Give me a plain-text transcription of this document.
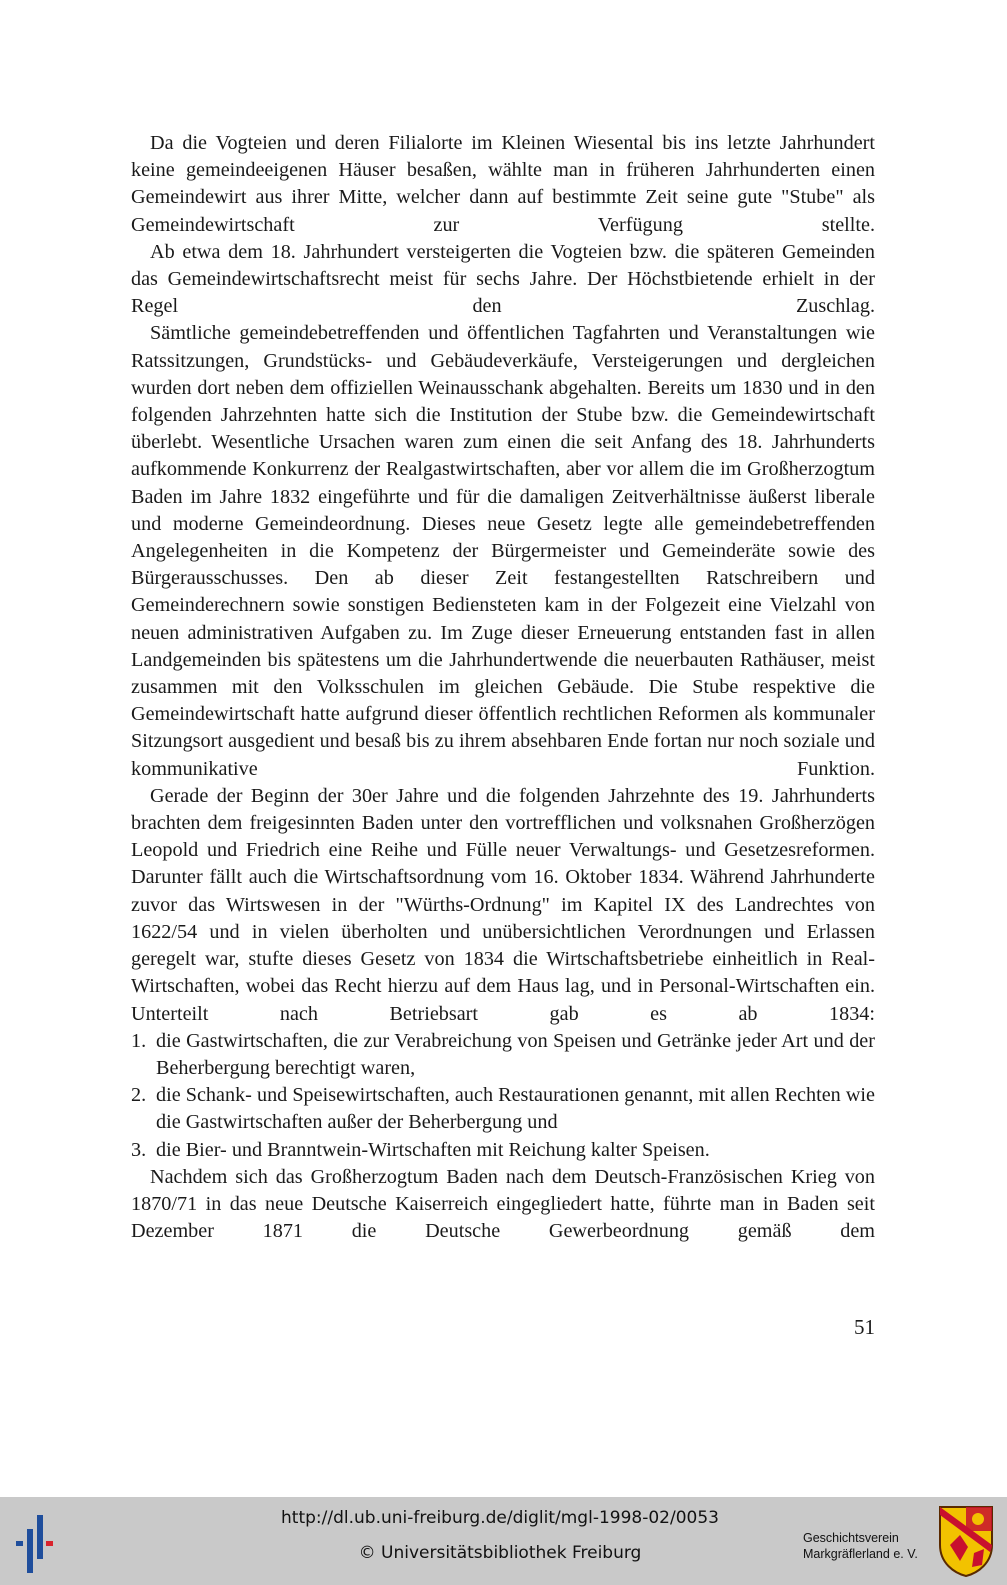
Da die Vogteien und deren Filialorte im Kleinen Wiesental bis ins letzte Jahrhundert keine gemeindeeigenen Häuser besaßen, wählte man in früheren Jahrhunderten einen Gemeindewirt aus ihrer Mitte, welcher dann auf bestimmte Zeit seine gute "Stube" als Gemeindewirtschaft zur Verfügung stellte.

Ab etwa dem 18. Jahrhundert versteigerten die Vogteien bzw. die späteren Gemeinden das Gemeindewirtschaftsrecht meist für sechs Jahre. Der Höchstbietende erhielt in der Regel den Zuschlag.

Sämtliche gemeindebetreffenden und öffentlichen Tagfahrten und Veranstaltungen wie Ratssitzungen, Grundstücks- und Gebäudeverkäufe, Versteigerungen und dergleichen wurden dort neben dem offiziellen Weinausschank abgehalten. Bereits um 1830 und in den folgenden Jahrzehnten hatte sich die Institution der Stube bzw. die Gemeindewirtschaft überlebt. Wesentliche Ursachen waren zum einen die seit Anfang des 18. Jahrhunderts aufkommende Konkurrenz der Realgastwirtschaften, aber vor allem die im Großherzogtum Baden im Jahre 1832 eingeführte und für die damaligen Zeitverhältnisse äußerst liberale und moderne Gemeindeordnung. Dieses neue Gesetz legte alle gemeindebetreffenden Angelegenheiten in die Kompetenz der Bürgermeister und Gemeinderäte sowie des Bürgerausschusses. Den ab dieser Zeit festangestellten Ratschreibern und Gemeinderechnern sowie sonstigen Bediensteten kam in der Folgezeit eine Vielzahl von neuen administrativen Aufgaben zu. Im Zuge dieser Erneuerung entstanden fast in allen Landgemeinden bis spätestens um die Jahrhundertwende die neuerbauten Rathäuser, meist zusammen mit den Volksschulen im gleichen Gebäude. Die Stube respektive die Gemeindewirtschaft hatte aufgrund dieser öffentlich rechtlichen Reformen als kommunaler Sitzungsort ausgedient und besaß bis zu ihrem absehbaren Ende fortan nur noch soziale und kommunikative Funktion.

Gerade der Beginn der 30er Jahre und die folgenden Jahrzehnte des 19. Jahrhunderts brachten dem freigesinnten Baden unter den vortrefflichen und volksnahen Großherzögen Leopold und Friedrich eine Reihe und Fülle neuer Verwaltungs- und Gesetzesreformen. Darunter fällt auch die Wirtschaftsordnung vom 16. Oktober 1834. Während Jahrhunderte zuvor das Wirtswesen in der "Würths-Ordnung" im Kapitel IX des Landrechtes von 1622/54 und in vielen überholten und unübersichtlichen Verordnungen und Erlassen geregelt war, stufte dieses Gesetz von 1834 die Wirtschaftsbetriebe einheitlich in Real-Wirtschaften, wobei das Recht hierzu auf dem Haus lag, und in Personal-Wirtschaften ein. Unterteilt nach Betriebsart gab es ab 1834:

1. die Gastwirtschaften, die zur Verabreichung von Speisen und Getränke jeder Art und der Beherbergung berechtigt waren,
2. die Schank- und Speisewirtschaften, auch Restaurationen genannt, mit allen Rechten wie die Gastwirtschaften außer der Beherbergung und
3. die Bier- und Branntwein-Wirtschaften mit Reichung kalter Speisen.

Nachdem sich das Großherzogtum Baden nach dem Deutsch-Französischen Krieg von 1870/71 in das neue Deutsche Kaiserreich eingegliedert hatte, führte man in Baden seit Dezember 1871 die Deutsche Gewerbeordnung gemäß dem

51
http://dl.ub.uni-freiburg.de/diglit/mgl-1998-02/0053
© Universitätsbibliothek Freiburg
Geschichtsverein
Markgräflerland e. V.
